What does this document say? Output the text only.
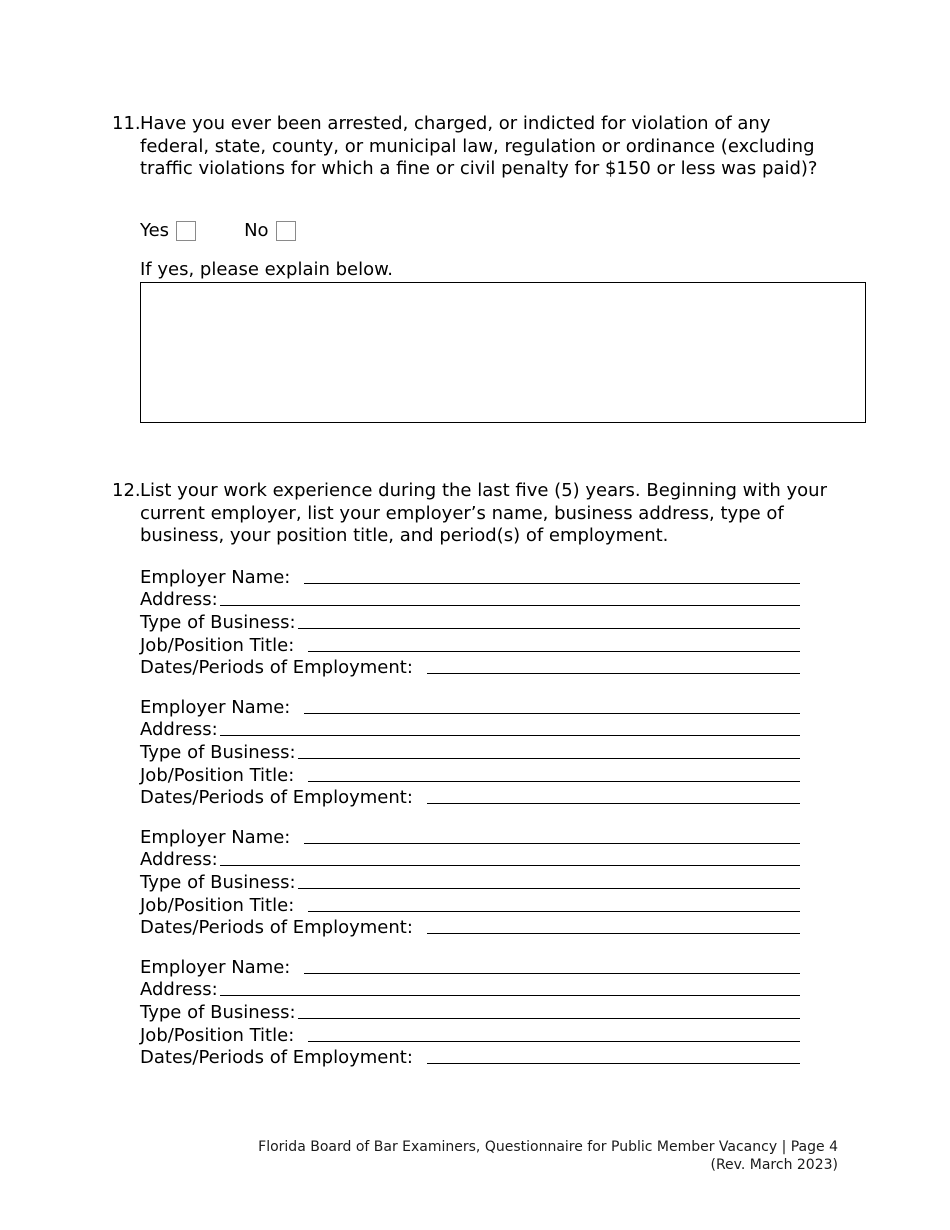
11. Have you ever been arrested, charged, or indicted for violation of any federal, state, county, or municipal law, regulation or ordinance (excluding traffic violations for which a fine or civil penalty for $150 or less was paid)?
Yes	No
If yes, please explain below.
12. List your work experience during the last five (5) years. Beginning with your current employer, list your employer’s name, business address, type of business, your position title, and period(s) of employment.
Employer Name:
Address:
Type of Business:
Job/Position Title:
Dates/Periods of Employment:
Employer Name:
Address:
Type of Business:
Job/Position Title:
Dates/Periods of Employment:
Employer Name:
Address:
Type of Business:
Job/Position Title:
Dates/Periods of Employment:
Employer Name:
Address:
Type of Business:
Job/Position Title:
Dates/Periods of Employment:
Florida Board of Bar Examiners, Questionnaire for Public Member Vacancy | Page 4
(Rev. March 2023)
